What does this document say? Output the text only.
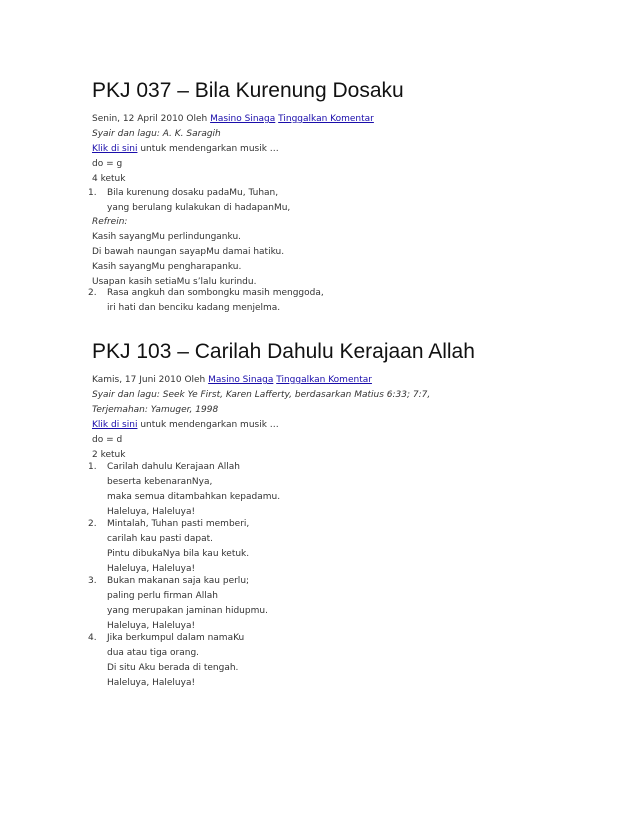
PKJ 037 – Bila Kurenung Dosaku
Senin, 12 April 2010 Oleh Masino Sinaga Tinggalkan Komentar
Syair dan lagu: A. K. Saragih
Klik di sini untuk mendengarkan musik …
do = g
4 ketuk
1. Bila kurenung dosaku padaMu, Tuhan,
yang berulang kulakukan di hadapanMu,
Refrein:
Kasih sayangMu perlindunganku.
Di bawah naungan sayapMu damai hatiku.
Kasih sayangMu pengharapanku.
Usapan kasih setiaMu s’lalu kurindu.
2. Rasa angkuh dan sombongku masih menggoda,
iri hati dan benciku kadang menjelma.
PKJ 103 – Carilah Dahulu Kerajaan Allah
Kamis, 17 Juni 2010 Oleh Masino Sinaga Tinggalkan Komentar
Syair dan lagu: Seek Ye First, Karen Lafferty, berdasarkan Matius 6:33; 7:7,
Terjemahan: Yamuger, 1998
Klik di sini untuk mendengarkan musik …
do = d
2 ketuk
1. Carilah dahulu Kerajaan Allah
beserta kebenaranNya,
maka semua ditambahkan kepadamu.
Haleluya, Haleluya!
2. Mintalah, Tuhan pasti memberi,
carilah kau pasti dapat.
Pintu dibukaNya bila kau ketuk.
Haleluya, Haleluya!
3. Bukan makanan saja kau perlu;
paling perlu firman Allah
yang merupakan jaminan hidupmu.
Haleluya, Haleluya!
4. Jika berkumpul dalam namaKu
dua atau tiga orang.
Di situ Aku berada di tengah.
Haleluya, Haleluya!
